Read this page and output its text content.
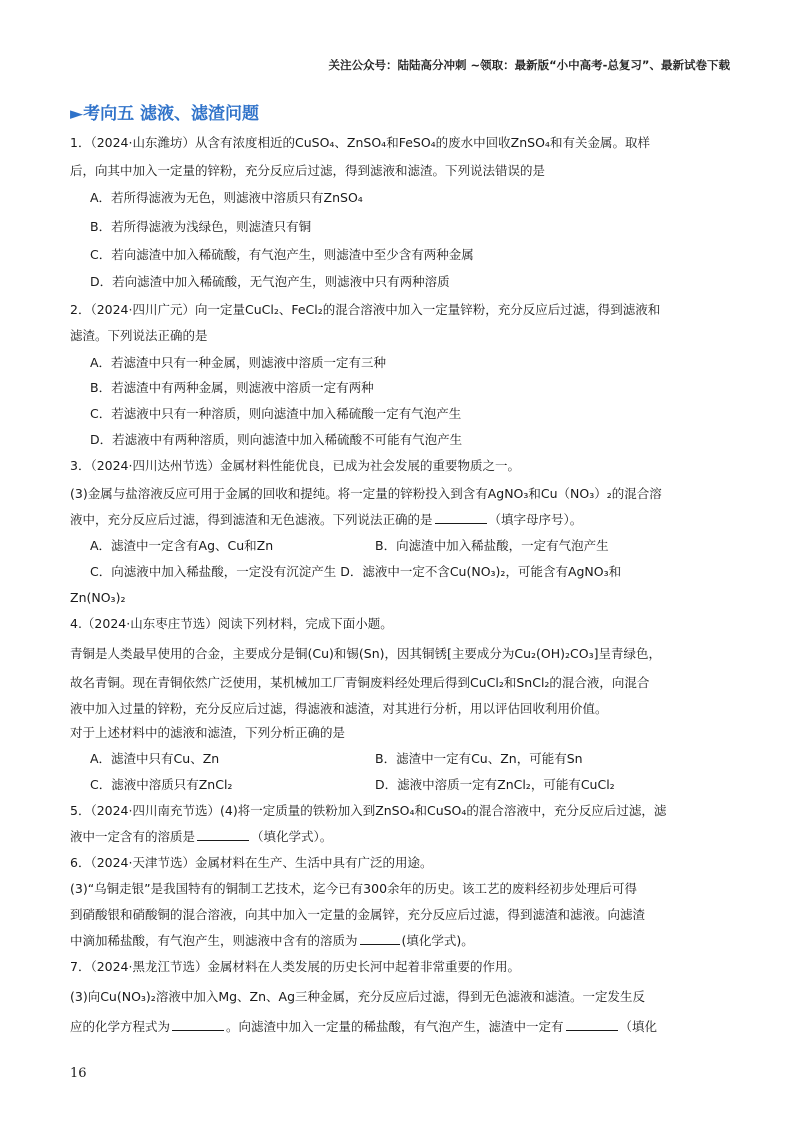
关注公众号：陆陆高分冲刺 ~领取：最新版“小中高考-总复习”、最新试卷下载
►考向五 滤液、滤渣问题
1．（2024·山东潍坊）从含有浓度相近的CuSO₄、ZnSO₄和FeSO₄的废水中回收ZnSO₄和有关金属。取样
后，向其中加入一定量的锌粉，充分反应后过滤，得到滤液和滤渣。下列说法错误的是
A．若所得滤液为无色，则滤液中溶质只有ZnSO₄
B．若所得滤液为浅绿色，则滤渣只有铜
C．若向滤渣中加入稀硫酸，有气泡产生，则滤渣中至少含有两种金属
D．若向滤渣中加入稀硫酸，无气泡产生，则滤液中只有两种溶质
2．（2024·四川广元）向一定量CuCl₂、FeCl₂的混合溶液中加入一定量锌粉，充分反应后过滤，得到滤液和
滤渣。下列说法正确的是
A．若滤渣中只有一种金属，则滤液中溶质一定有三种
B．若滤渣中有两种金属，则滤液中溶质一定有两种
C．若滤液中只有一种溶质，则向滤渣中加入稀硫酸一定有气泡产生
D．若滤液中有两种溶质，则向滤渣中加入稀硫酸不可能有气泡产生
3．（2024·四川达州节选）金属材料性能优良，已成为社会发展的重要物质之一。
(3)金属与盐溶液反应可用于金属的回收和提纯。将一定量的锌粉投入到含有AgNO₃和Cu（NO₃）₂的混合溶
液中，充分反应后过滤，得到滤渣和无色滤液。下列说法正确的是	（填字母序号）。
A．滤渣中一定含有Ag、Cu和Zn	B．向滤渣中加入稀盐酸，一定有气泡产生
C．向滤液中加入稀盐酸，一定没有沉淀产生 D．滤液中一定不含Cu(NO₃)₂，可能含有AgNO₃和
Zn(NO₃)₂
4.（2024·山东枣庄节选）阅读下列材料，完成下面小题。
青铜是人类最早使用的合金，主要成分是铜(Cu)和锡(Sn)，因其铜锈[主要成分为Cu₂(OH)₂CO₃]呈青绿色，
故名青铜。现在青铜依然广泛使用，某机械加工厂青铜废料经处理后得到CuCl₂和SnCl₂的混合液，向混合
液中加入过量的锌粉，充分反应后过滤，得滤液和滤渣，对其进行分析，用以评估回收利用价值。
对于上述材料中的滤液和滤渣，下列分析正确的是
A．滤渣中只有Cu、Zn	B．滤渣中一定有Cu、Zn，可能有Sn
C．滤液中溶质只有ZnCl₂	D．滤液中溶质一定有ZnCl₂，可能有CuCl₂
5．（2024·四川南充节选）(4)将一定质量的铁粉加入到ZnSO₄和CuSO₄的混合溶液中，充分反应后过滤，滤
液中一定含有的溶质是	（填化学式）。
6．（2024·天津节选）金属材料在生产、生活中具有广泛的用途。
(3)“乌铜走银”是我国特有的铜制工艺技术，迄今已有300余年的历史。该工艺的废料经初步处理后可得
到硝酸银和硝酸铜的混合溶液，向其中加入一定量的金属锌，充分反应后过滤，得到滤渣和滤液。向滤渣
中滴加稀盐酸，有气泡产生，则滤液中含有的溶质为	(填化学式)。
7．（2024·黑龙江节选）金属材料在人类发展的历史长河中起着非常重要的作用。
(3)向Cu(NO₃)₂溶液中加入Mg、Zn、Ag三种金属，充分反应后过滤，得到无色滤液和滤渣。一定发生反
应的化学方程式为	。向滤渣中加入一定量的稀盐酸，有气泡产生，滤渣中一定有	（填化
16
